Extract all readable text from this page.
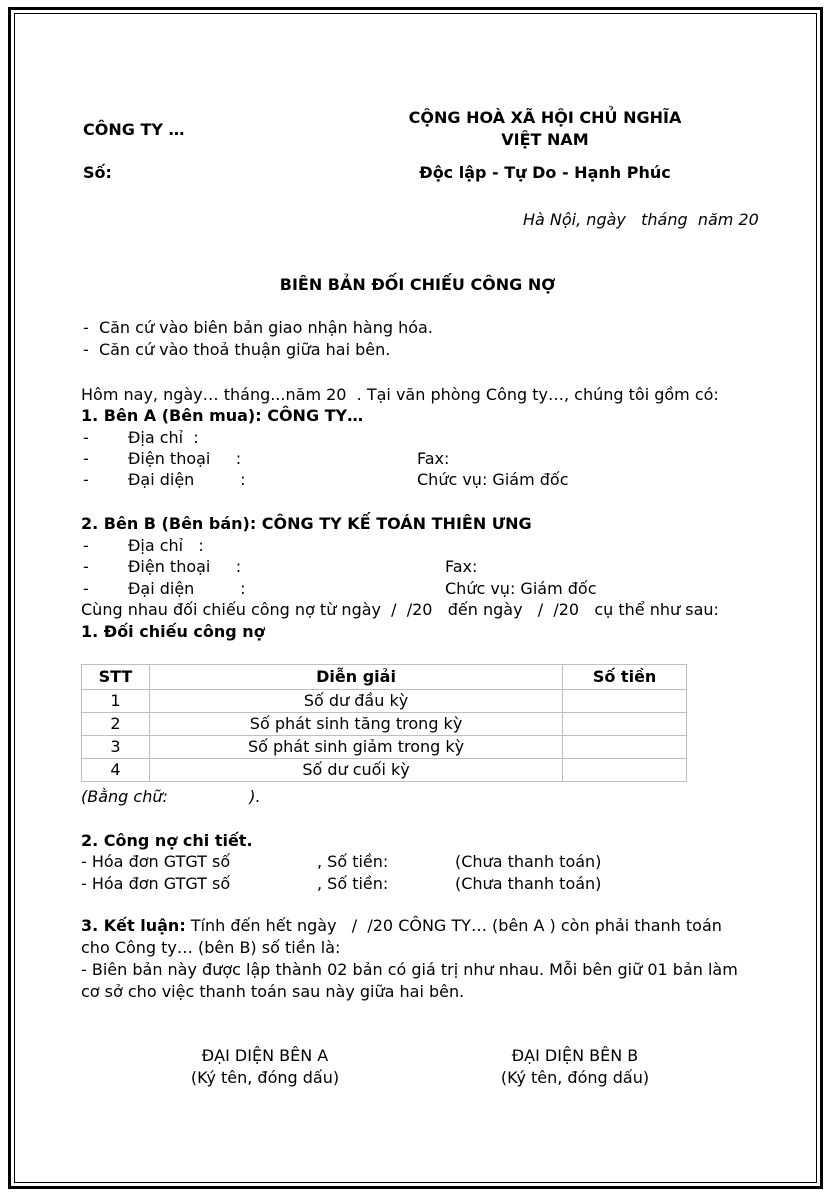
CÔNG TY …
Số:
CỘNG HOÀ XÃ HỘI CHỦ NGHĨA
VIỆT NAM
Độc lập - Tự Do - Hạnh Phúc
Hà Nội, ngày   tháng  năm 20
BIÊN BẢN ĐỐI CHIẾU CÔNG NỢ
-  Căn cứ vào biên bản giao nhận hàng hóa.
-  Căn cứ vào thoả thuận giữa hai bên.
Hôm nay, ngày… tháng...năm 20  . Tại văn phòng Công ty…, chúng tôi gồm có:
1. Bên A (Bên mua): CÔNG TY…
- Địa chỉ  :
- Điện thoại     :	Fax:
- Đại diện         :	Chức vụ: Giám đốc
2. Bên B (Bên bán): CÔNG TY KẾ TOÁN THIÊN ƯNG
- Địa chỉ   :
- Điện thoại     :	Fax:
- Đại diện         :	Chức vụ: Giám đốc
Cùng nhau đối chiếu công nợ từ ngày  /  /20   đến ngày   /  /20   cụ thể như sau:
1. Đối chiếu công nợ
STT	Diễn giải	Số tiền
1	Số dư đầu kỳ	
2	Số phát sinh tăng trong kỳ	
3	Số phát sinh giảm trong kỳ	
4	Số dư cuối kỳ	
(Bằng chữ:                ).
2. Công nợ chi tiết.
- Hóa đơn GTGT số	, Số tiền:	(Chưa thanh toán)
- Hóa đơn GTGT số	, Số tiền:	(Chưa thanh toán)
3. Kết luận: Tính đến hết ngày   /  /20 CÔNG TY… (bên A ) còn phải thanh toán
cho Công ty… (bên B) số tiền là:
- Biên bản này được lập thành 02 bản có giá trị như nhau. Mỗi bên giữ 01 bản làm
cơ sở cho việc thanh toán sau này giữa hai bên.
ĐẠI DIỆN BÊN A
(Ký tên, đóng dấu)
ĐẠI DIỆN BÊN B
(Ký tên, đóng dấu)
